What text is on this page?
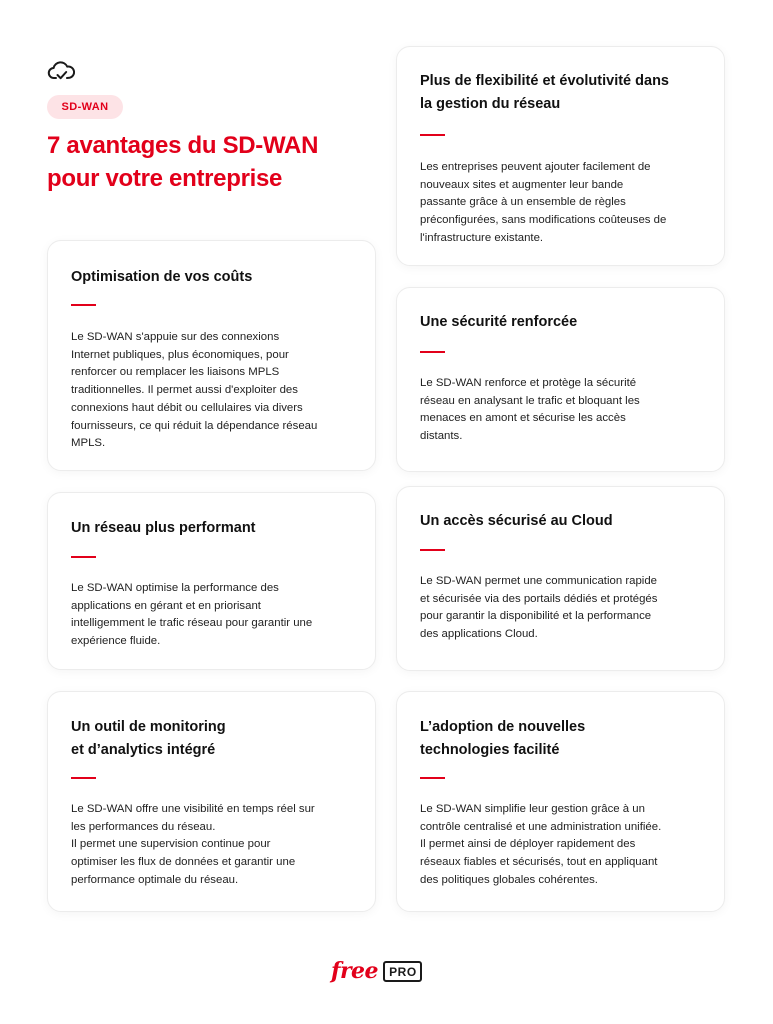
SD-WAN
7 avantages du SD-WAN
pour votre entreprise
Optimisation de vos coûts

Le SD-WAN s'appuie sur des connexions
Internet publiques, plus économiques, pour
renforcer ou remplacer les liaisons MPLS
traditionnelles. Il permet aussi d'exploiter des
connexions haut débit ou cellulaires via divers
fournisseurs, ce qui réduit la dépendance réseau
MPLS.

Un réseau plus performant

Le SD-WAN optimise la performance des
applications en gérant et en priorisant
intelligemment le trafic réseau pour garantir une
expérience fluide.

Un outil de monitoring
et d’analytics intégré

Le SD-WAN offre une visibilité en temps réel sur
les performances du réseau.
Il permet une supervision continue pour
optimiser les flux de données et garantir une
performance optimale du réseau.

Plus de flexibilité et évolutivité dans
la gestion du réseau

Les entreprises peuvent ajouter facilement de
nouveaux sites et augmenter leur bande
passante grâce à un ensemble de règles
préconfigurées, sans modifications coûteuses de
l'infrastructure existante.

Une sécurité renforcée

Le SD-WAN renforce et protège la sécurité
réseau en analysant le trafic et bloquant les
menaces en amont et sécurise les accès
distants.

Un accès sécurisé au Cloud

Le SD-WAN permet une communication rapide
et sécurisée via des portails dédiés et protégés
pour garantir la disponibilité et la performance
des applications Cloud.

L’adoption de nouvelles
technologies facilité

Le SD-WAN simplifie leur gestion grâce à un
contrôle centralisé et une administration unifiée.
Il permet ainsi de déployer rapidement des
réseaux fiables et sécurisés, tout en appliquant
des politiques globales cohérentes.

free PRO
